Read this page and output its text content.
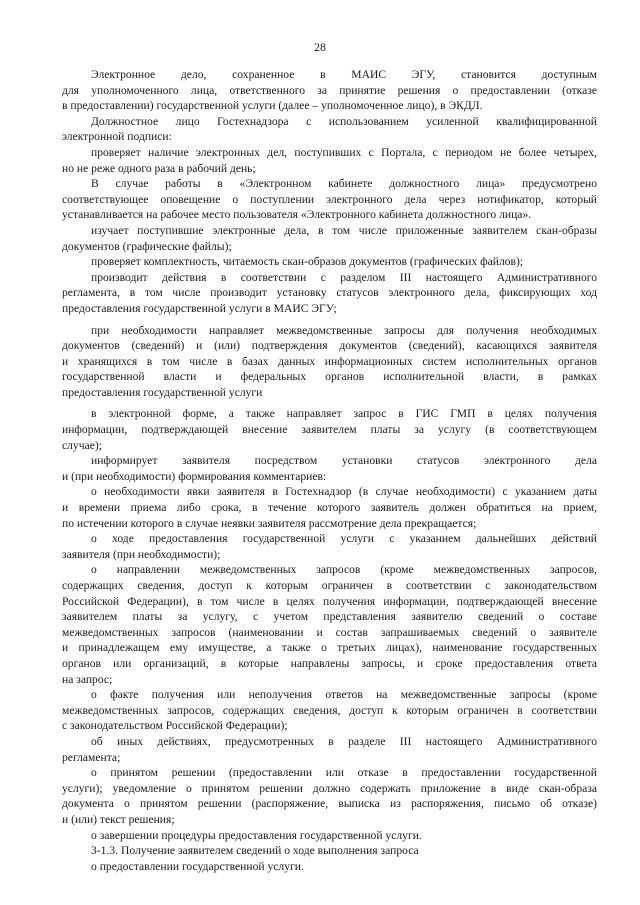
28
Электронное дело, сохраненное в МАИС ЭГУ, становится доступным
для уполномоченного лица, ответственного за принятие решения о предоставлении (отказе
в предоставлении) государственной услуги (далее – уполномоченное лицо), в ЭКДЛ.
Должностное лицо Гостехнадзора с использованием усиленной квалифицированной
электронной подписи:
проверяет наличие электронных дел, поступивших с Портала, с периодом не более четырех,
но не реже одного раза в рабочий день;
В случае работы в «Электронном кабинете должностного лица» предусмотрено
соответствующее оповещение о поступлении электронного дела через нотификатор, который
устанавливается на рабочее место пользователя «Электронного кабинета должностного лица».
изучает поступившие электронные дела, в том числе приложенные заявителем скан-образы
документов (графические файлы);
проверяет комплектность, читаемость скан-образов документов (графических файлов);
производит действия в соответствии с разделом III настоящего Административного
регламента, в том числе производит установку статусов электронного дела, фиксирующих ход
предоставления государственной услуги в МАИС ЭГУ;
при необходимости направляет межведомственные запросы для получения необходимых
документов (сведений) и (или) подтверждения документов (сведений), касающихся заявителя
и хранящихся в том числе в базах данных информационных систем исполнительных органов
государственной власти и федеральных органов исполнительной власти, в рамках
предоставления государственной услуги
в электронной форме, а также направляет запрос в ГИС ГМП в целях получения
информации, подтверждающей внесение заявителем платы за услугу (в соответствующем
случае);
информирует заявителя посредством установки статусов электронного дела
и (при необходимости) формирования комментариев:
о необходимости явки заявителя в Гостехнадзор (в случае необходимости) с указанием даты
и времени приема либо срока, в течение которого заявитель должен обратиться на прием,
по истечении которого в случае неявки заявителя рассмотрение дела прекращается;
о ходе предоставления государственной услуги с указанием дальнейших действий
заявителя (при необходимости);
о направлении межведомственных запросов (кроме межведомственных запросов,
содержащих сведения, доступ к которым ограничен в соответствии с законодательством
Российской Федерации), в том числе в целях получения информации, подтверждающей внесение
заявителем платы за услугу, с учетом представления заявителю сведений о составе
межведомственных запросов (наименовании и состав запрашиваемых сведений о заявителе
и принадлежащем ему имуществе, а также о третьих лицах), наименование государственных
органов или организаций, в которые направлены запросы, и сроке предоставления ответа
на запрос;
о факте получения или неполучения ответов на межведомственные запросы (кроме
межведомственных запросов, содержащих сведения, доступ к которым ограничен в соответствии
с законодательством Российской Федерации);
об иных действиях, предусмотренных в разделе III настоящего Административного
регламента;
о принятом решении (предоставлении или отказе в предоставлении государственной
услуги); уведомление о принятом решении должно содержать приложение в виде скан-образа
документа о принятом решении (распоряжение, выписка из распоряжения, письмо об отказе)
и (или) текст решения;
о завершении процедуры предоставления государственной услуги.
3-1.3. Получение заявителем сведений о ходе выполнения запроса
о предоставлении государственной услуги.
